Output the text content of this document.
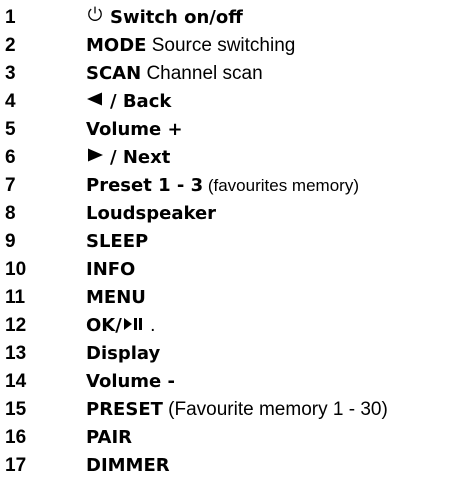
1	Switch on/off
2	MODE Source switching
3	SCAN Channel scan
4	/ Back
5	Volume +
6	/ Next
7	Preset 1 - 3 (favourites memory)
8	Loudspeaker
9	SLEEP
10	INFO
11	MENU
12	OK/ .
13	Display
14	Volume -
15	PRESET (Favourite memory 1 - 30)
16	PAIR
17	DIMMER
